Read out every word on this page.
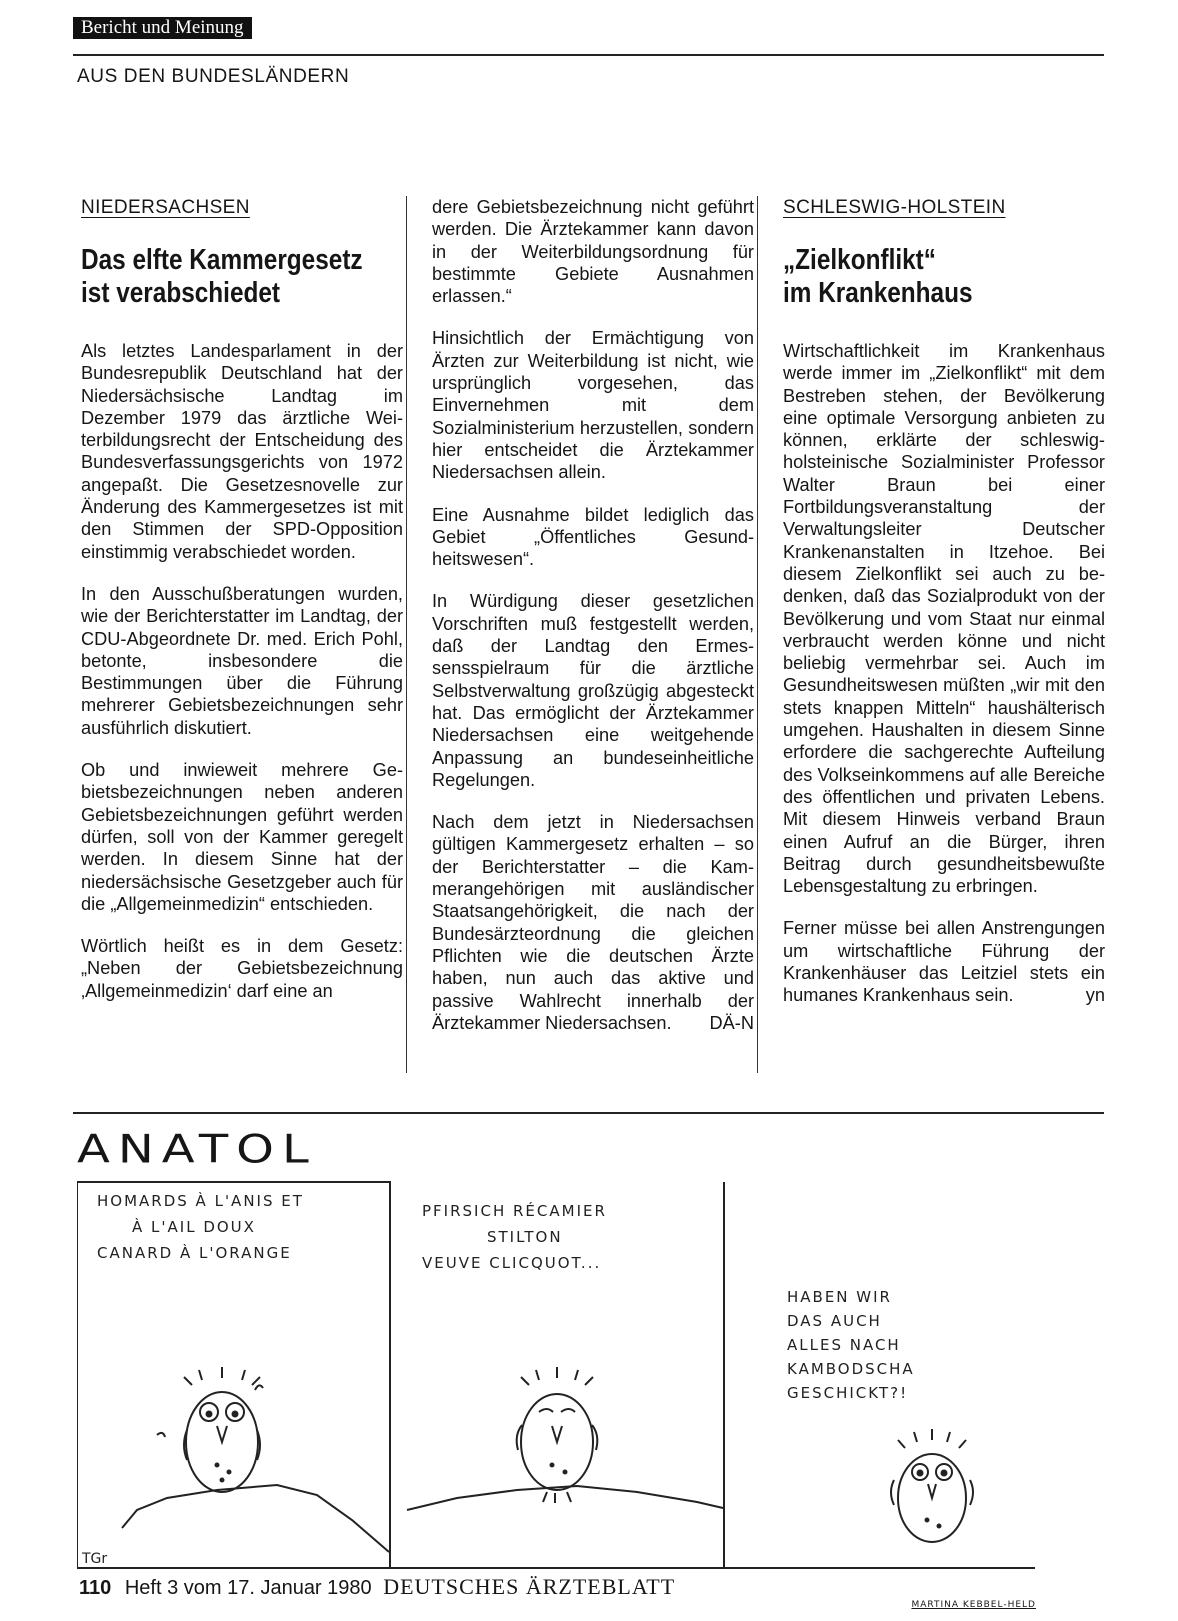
Bericht und Meinung
AUS DEN BUNDESLÄNDERN
NIEDERSACHSEN
Das elfte Kammergesetz
ist verabschiedet

Als letztes Landesparlament in der Bundesrepublik Deutschland hat der Niedersächsische Landtag im Dezember 1979 das ärztliche Weiterbildungsrecht der Entscheidung des Bundesverfassungsgerichts von 1972 angepaßt. Die Gesetzesnovelle zur Änderung des Kammergesetzes ist mit den Stimmen der SPD-Opposition einstimmig verabschiedet worden.

In den Ausschußberatungen wurden, wie der Berichterstatter im Landtag, der CDU-Abgeordnete Dr. med. Erich Pohl, betonte, insbesondere die Bestimmungen über die Führung mehrerer Gebietsbezeichnungen sehr ausführlich diskutiert.

Ob und inwieweit mehrere Gebietsbezeichnungen neben anderen Gebietsbezeichnungen geführt werden dürfen, soll von der Kammer geregelt werden. In diesem Sinne hat der niedersächsische Gesetzgeber auch für die „Allgemeinmedizin“ entschieden.

Wörtlich heißt es in dem Gesetz: „Neben der Gebietsbezeichnung ‚Allgemeinmedizin‘ darf eine an

dere Gebietsbezeichnung nicht geführt werden. Die Ärztekammer kann davon in der Weiterbildungsordnung für bestimmte Gebiete Ausnahmen erlassen.“

Hinsichtlich der Ermächtigung von Ärzten zur Weiterbildung ist nicht, wie ursprünglich vorgesehen, das Einvernehmen mit dem Sozialministerium herzustellen, sondern hier entscheidet die Ärztekammer Niedersachsen allein.

Eine Ausnahme bildet lediglich das Gebiet „Öffentliches Gesundheitswesen“.

In Würdigung dieser gesetzlichen Vorschriften muß festgestellt werden, daß der Landtag den Ermessensspielraum für die ärztliche Selbstverwaltung großzügig abgesteckt hat. Das ermöglicht der Ärztekammer Niedersachsen eine weitgehende Anpassung an bundeseinheitliche Regelungen.

Nach dem jetzt in Niedersachsen gültigen Kammergesetz erhalten – so der Berichterstatter – die Kammerangehörigen mit ausländischer Staatsangehörigkeit, die nach der Bundesärzteordnung die gleichen Pflichten wie die deutschen Ärzte haben, nun auch das aktive und passive Wahlrecht innerhalb der Ärztekammer Niedersachsen. DÄ-N

SCHLESWIG-HOLSTEIN
„Zielkonflikt“
im Krankenhaus

Wirtschaftlichkeit im Krankenhaus werde immer im „Zielkonflikt“ mit dem Bestreben stehen, der Bevölkerung eine optimale Versorgung anbieten zu können, erklärte der schleswig-holsteinische Sozialminister Professor Walter Braun bei einer Fortbildungsveranstaltung der Verwaltungsleiter Deutscher Krankenanstalten in Itzehoe. Bei diesem Zielkonflikt sei auch zu bedenken, daß das Sozialprodukt von der Bevölkerung und vom Staat nur einmal verbraucht werden könne und nicht beliebig vermehrbar sei. Auch im Gesundheitswesen müßten „wir mit den stets knappen Mitteln“ haushälterisch umgehen. Haushalten in diesem Sinne erfordere die sachgerechte Aufteilung des Volkseinkommens auf alle Bereiche des öffentlichen und privaten Lebens. Mit diesem Hinweis verband Braun einen Aufruf an die Bürger, ihren Beitrag durch gesundheitsbewußte Lebensgestaltung zu erbringen.

Ferner müsse bei allen Anstrengungen um wirtschaftliche Führung der Krankenhäuser das Leitziel stets ein humanes Krankenhaus sein.	yn

ANATOL
HOMARDS À L'ANIS ET
À L'AIL DOUX
CANARD À L'ORANGE
TGr
PFIRSICH RÉCAMIER
STILTON
VEUVE CLICQUOT...
HABEN WIR
DAS AUCH
ALLES NACH
KAMBODSCHA
GESCHICKT?!
MARTINA KEBBEL-HELD
110 Heft 3 vom 17. Januar 1980 DEUTSCHES ÄRZTEBLATT
